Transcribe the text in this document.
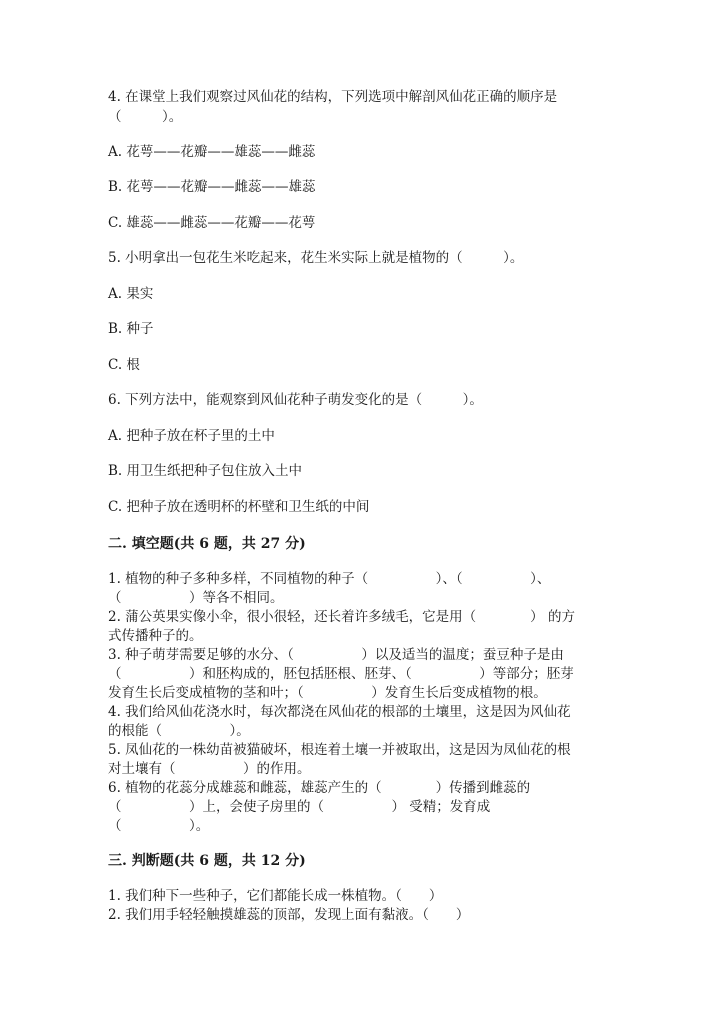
4. 在课堂上我们观察过风仙花的结构，下列选项中解剖风仙花正确的顺序是
（　　　）。
A. 花萼——花瓣——雄蕊——雌蕊
B. 花萼——花瓣——雌蕊——雄蕊
C. 雄蕊——雌蕊——花瓣——花萼
5. 小明拿出一包花生米吃起来，花生米实际上就是植物的（　　　）。
A. 果实
B. 种子
C. 根
6. 下列方法中，能观察到风仙花种子萌发变化的是（　　　）。
A. 把种子放在杯子里的土中
B. 用卫生纸把种子包住放入土中
C. 把种子放在透明杯的杯壁和卫生纸的中间
二. 填空题(共 6 题，共 27 分)
1. 植物的种子多种多样，不同植物的种子（　　　　　）、（　　　　　）、
（　　　　　）等各不相同。
2. 蒲公英果实像小伞，很小很轻，还长着许多绒毛，它是用（　　　　） 的方
式传播种子的。
3. 种子萌芽需要足够的水分、（　　　　　）以及适当的温度；蚕豆种子是由
（　　　　　）和胚构成的，胚包括胚根、胚芽、（　　　　　）等部分；胚芽
发育生长后变成植物的茎和叶；（　　　　　）发育生长后变成植物的根。
4. 我们给风仙花浇水时，每次都浇在风仙花的根部的土壤里，这是因为风仙花
的根能（　　　　　）。
5. 凤仙花的一株幼苗被猫破坏，根连着土壤一并被取出，这是因为凤仙花的根
对土壤有（　　　　　）的作用。
6. 植物的花蕊分成雄蕊和雌蕊，雄蕊产生的（　　　　）传播到雌蕊的
（　　　　　）上，会使子房里的（　　　　　） 受精；发育成
（　　　　　）。
三. 判断题(共 6 题，共 12 分)
1. 我们种下一些种子，它们都能长成一株植物。（　　）
2. 我们用手轻轻触摸雄蕊的顶部，发现上面有黏液。（　　）
